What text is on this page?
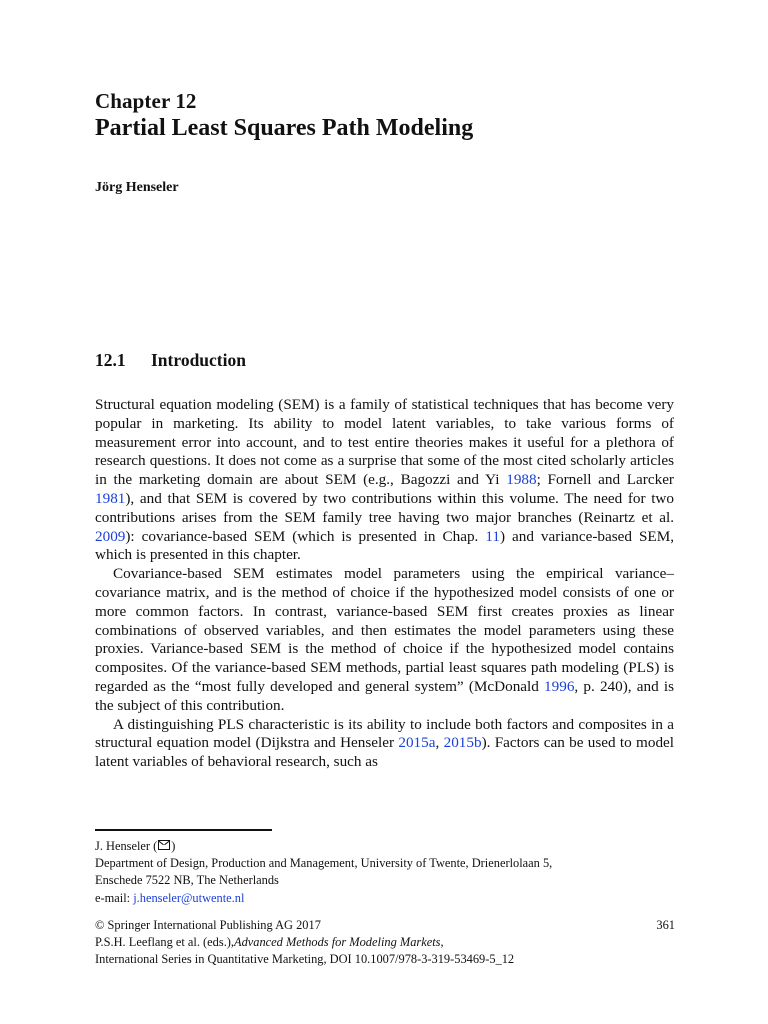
Chapter 12
Partial Least Squares Path Modeling
Jörg Henseler
12.1 Introduction

Structural equation modeling (SEM) is a family of statistical techniques that has become very popular in marketing. Its ability to model latent variables, to take various forms of measurement error into account, and to test entire theories makes it useful for a plethora of research questions. It does not come as a surprise that some of the most cited scholarly articles in the marketing domain are about SEM (e.g., Bagozzi and Yi 1988; Fornell and Larcker 1981), and that SEM is covered by two contributions within this volume. The need for two contributions arises from the SEM family tree having two major branches (Reinartz et al. 2009): covariance-based SEM (which is presented in Chap. 11) and variance-based SEM, which is presented in this chapter.

Covariance-based SEM estimates model parameters using the empirical variance–covariance matrix, and is the method of choice if the hypothesized model consists of one or more common factors. In contrast, variance-based SEM first creates proxies as linear combinations of observed variables, and then estimates the model parameters using these proxies. Variance-based SEM is the method of choice if the hypothesized model contains composites. Of the variance-based SEM methods, partial least squares path modeling (PLS) is regarded as the “most fully developed and general system” (McDonald 1996, p. 240), and is the subject of this contribution.

A distinguishing PLS characteristic is its ability to include both factors and composites in a structural equation model (Dijkstra and Henseler 2015a, 2015b). Factors can be used to model latent variables of behavioral research, such as

J. Henseler ( )
Department of Design, Production and Management, University of Twente, Drienerlolaan 5,
Enschede 7522 NB, The Netherlands
e-mail: j.henseler@utwente.nl
© Springer International Publishing AG 2017	361
P.S.H. Leeflang et al. (eds.), Advanced Methods for Modeling Markets ,
International Series in Quantitative Marketing, DOI 10.1007/978-3-319-53469-5_12
